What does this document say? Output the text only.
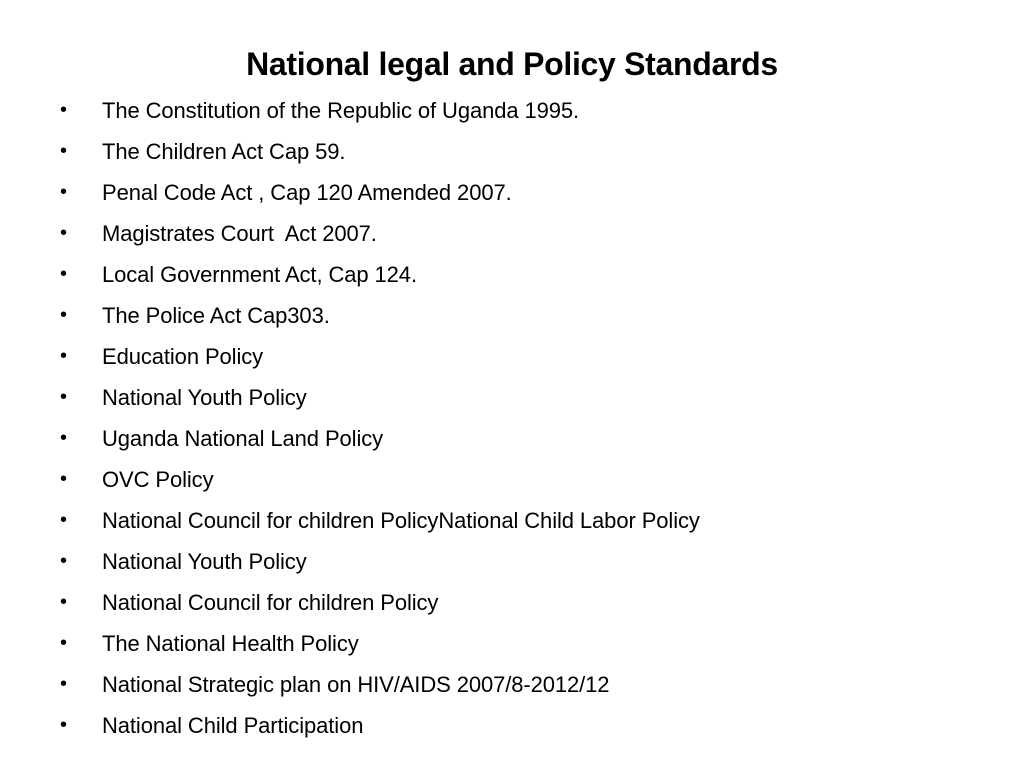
National legal and Policy Standards
•	The Constitution of the Republic of Uganda 1995.
•	The Children Act Cap 59.
•	Penal Code Act , Cap 120 Amended 2007.
•	Magistrates Court  Act 2007.
•	Local Government Act, Cap 124.
•	The Police Act Cap303.
•	Education Policy
•	National Youth Policy
•	Uganda National Land Policy
•	OVC Policy
•	National Council for children PolicyNational Child Labor Policy
•	National Youth Policy
•	National Council for children Policy
•	The National Health Policy
•	National Strategic plan on HIV/AIDS 2007/8-2012/12
•	National Child Participation
